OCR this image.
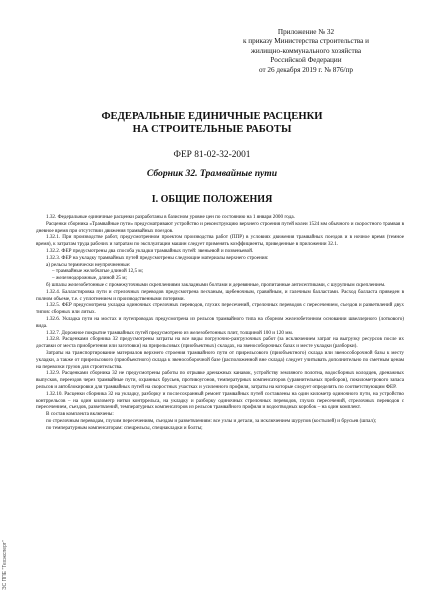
Приложение № 32
к приказу Министерства строительства и
жилищно-коммунального хозяйства
Российской Федерации
от 26 декабря 2019 г. № 876/пр
ФЕДЕРАЛЬНЫЕ ЕДИНИЧНЫЕ РАСЦЕНКИ
НА СТРОИТЕЛЬНЫЕ РАБОТЫ
ФЕР 81-02-32-2001
Сборник 32. Трамвайные пути
I. ОБЩИЕ ПОЛОЖЕНИЯ

1.32. Федеральные единичные расценки разработаны в базисном уровне цен по состоянию на 1 января 2000 года.

Расценки сборника «Трамвайные пути» предусматривают устройство и реконструкцию верхнего строения путей колеи 1524 мм обычного и скоростного трамвая в дневное время при отсутствии движения трамвайных поездов.

1.32.1. При производстве работ, предусмотренном проектом производства работ (ППР) в условиях движения трамвайных поездов и в ночное время (темное время), к затратам труда рабочих и затратам по эксплуатации машин следует применять коэффициенты, приведенные в приложении 32.1.

1.32.2. ФЕР предусмотрены два способа укладки трамвайных путей: звеньевой и позвеньевой.

1.32.3. ФЕР на укладку трамвайных путей предусмотрены следующие материалы верхнего строения:

а) рельсы термически неупрочненные:

– трамвайные желобчатые длиной 12,5 м;

– железнодорожные, длиной 25 м;

б) шпалы железобетонные с промежуточными скреплениями закладными болтами и деревянные, пропитанные антисептиками, с шурупным скреплением.

1.32.4. Балластировка пути и стрелочных переводов предусмотрена песчаным, щебеночным, гравийным, и галечным балластами. Расход балласта приведен в полном объеме, т.е. с уплотнением и производственными потерями.

1.32.5. ФЕР предусмотрена укладка одиночных стрелочных переводов, глухих пересечений, стрелочных переводов с пересечением, съездов и разветвлений двух типов: сборных или литых.

1.32.6. Укладка пути на мостах и путепроводах предусмотрена из рельсов трамвайного типа на сборном железобетонном основании швеллерного (лоткового) вида.

1.32.7. Дорожное покрытие трамвайных путей предусмотрено из железобетонных плит, толщиной 100 и 120 мм.

1.32.8. Расценками сборника 32 предусмотрены затраты на все виды погрузочно-разгрузочных работ (за исключением затрат на выгрузку ресурсов после их доставки от места приобретения или заготовки) на прирельсовых (приобъектных) складах, на звенособорочных базах и месте укладки (разборки).

Затраты на транспортирование материалов верхнего строения трамвайного пути от прирельсового (приобъектного) склада или звенособорочной базы к месту укладки, а также от прирельсового (приобъектного) склада к звенособорочной базе (расположенной вне склада) следует учитывать дополнительно по сметным ценам на перевозки грузов для строительства.

1.32.9. Расценками сборника 32 не предусмотрены работы по отрывке дренажных канавок, устройству земляного полотна, водосборных колодцев, дренажных выпусков, переездов через трамвайные пути, охранных брусьев, противоугонов, температурных компенсаторов (уравнительных приборов), покилометрового запаса рельсов и автоблокировки для трамвайных путей на скоростных участках и усиленного профиля, затраты на которые следует определять по соответствующим ФЕР.

1.32.10. Расценки сборника 32 на укладку, разборку и послесохранный ремонт трамвайных путей составлены на один километр одиночного пути, на устройство контррельсов – на один километр нитки контррельса, на укладку и разборку одиночных стрелочных переводов, глухих пересечений, стрелочных переводов с пересечением, съездов, разветвлений, температурных компенсаторов из рельсов трамвайного профиля и водоотводных коробок – на один комплект.

В состав комплекта включены:

по стрелочным переводам, глухим пересечениям, съездам и разветвлениям: все узлы и детали, за исключением шурупов (костылей) и брусьев (шпал);

по температурным компенсаторам: спецрельсы, спецнакладки и болты;

ЭС ППЕ "Техэксперт"
